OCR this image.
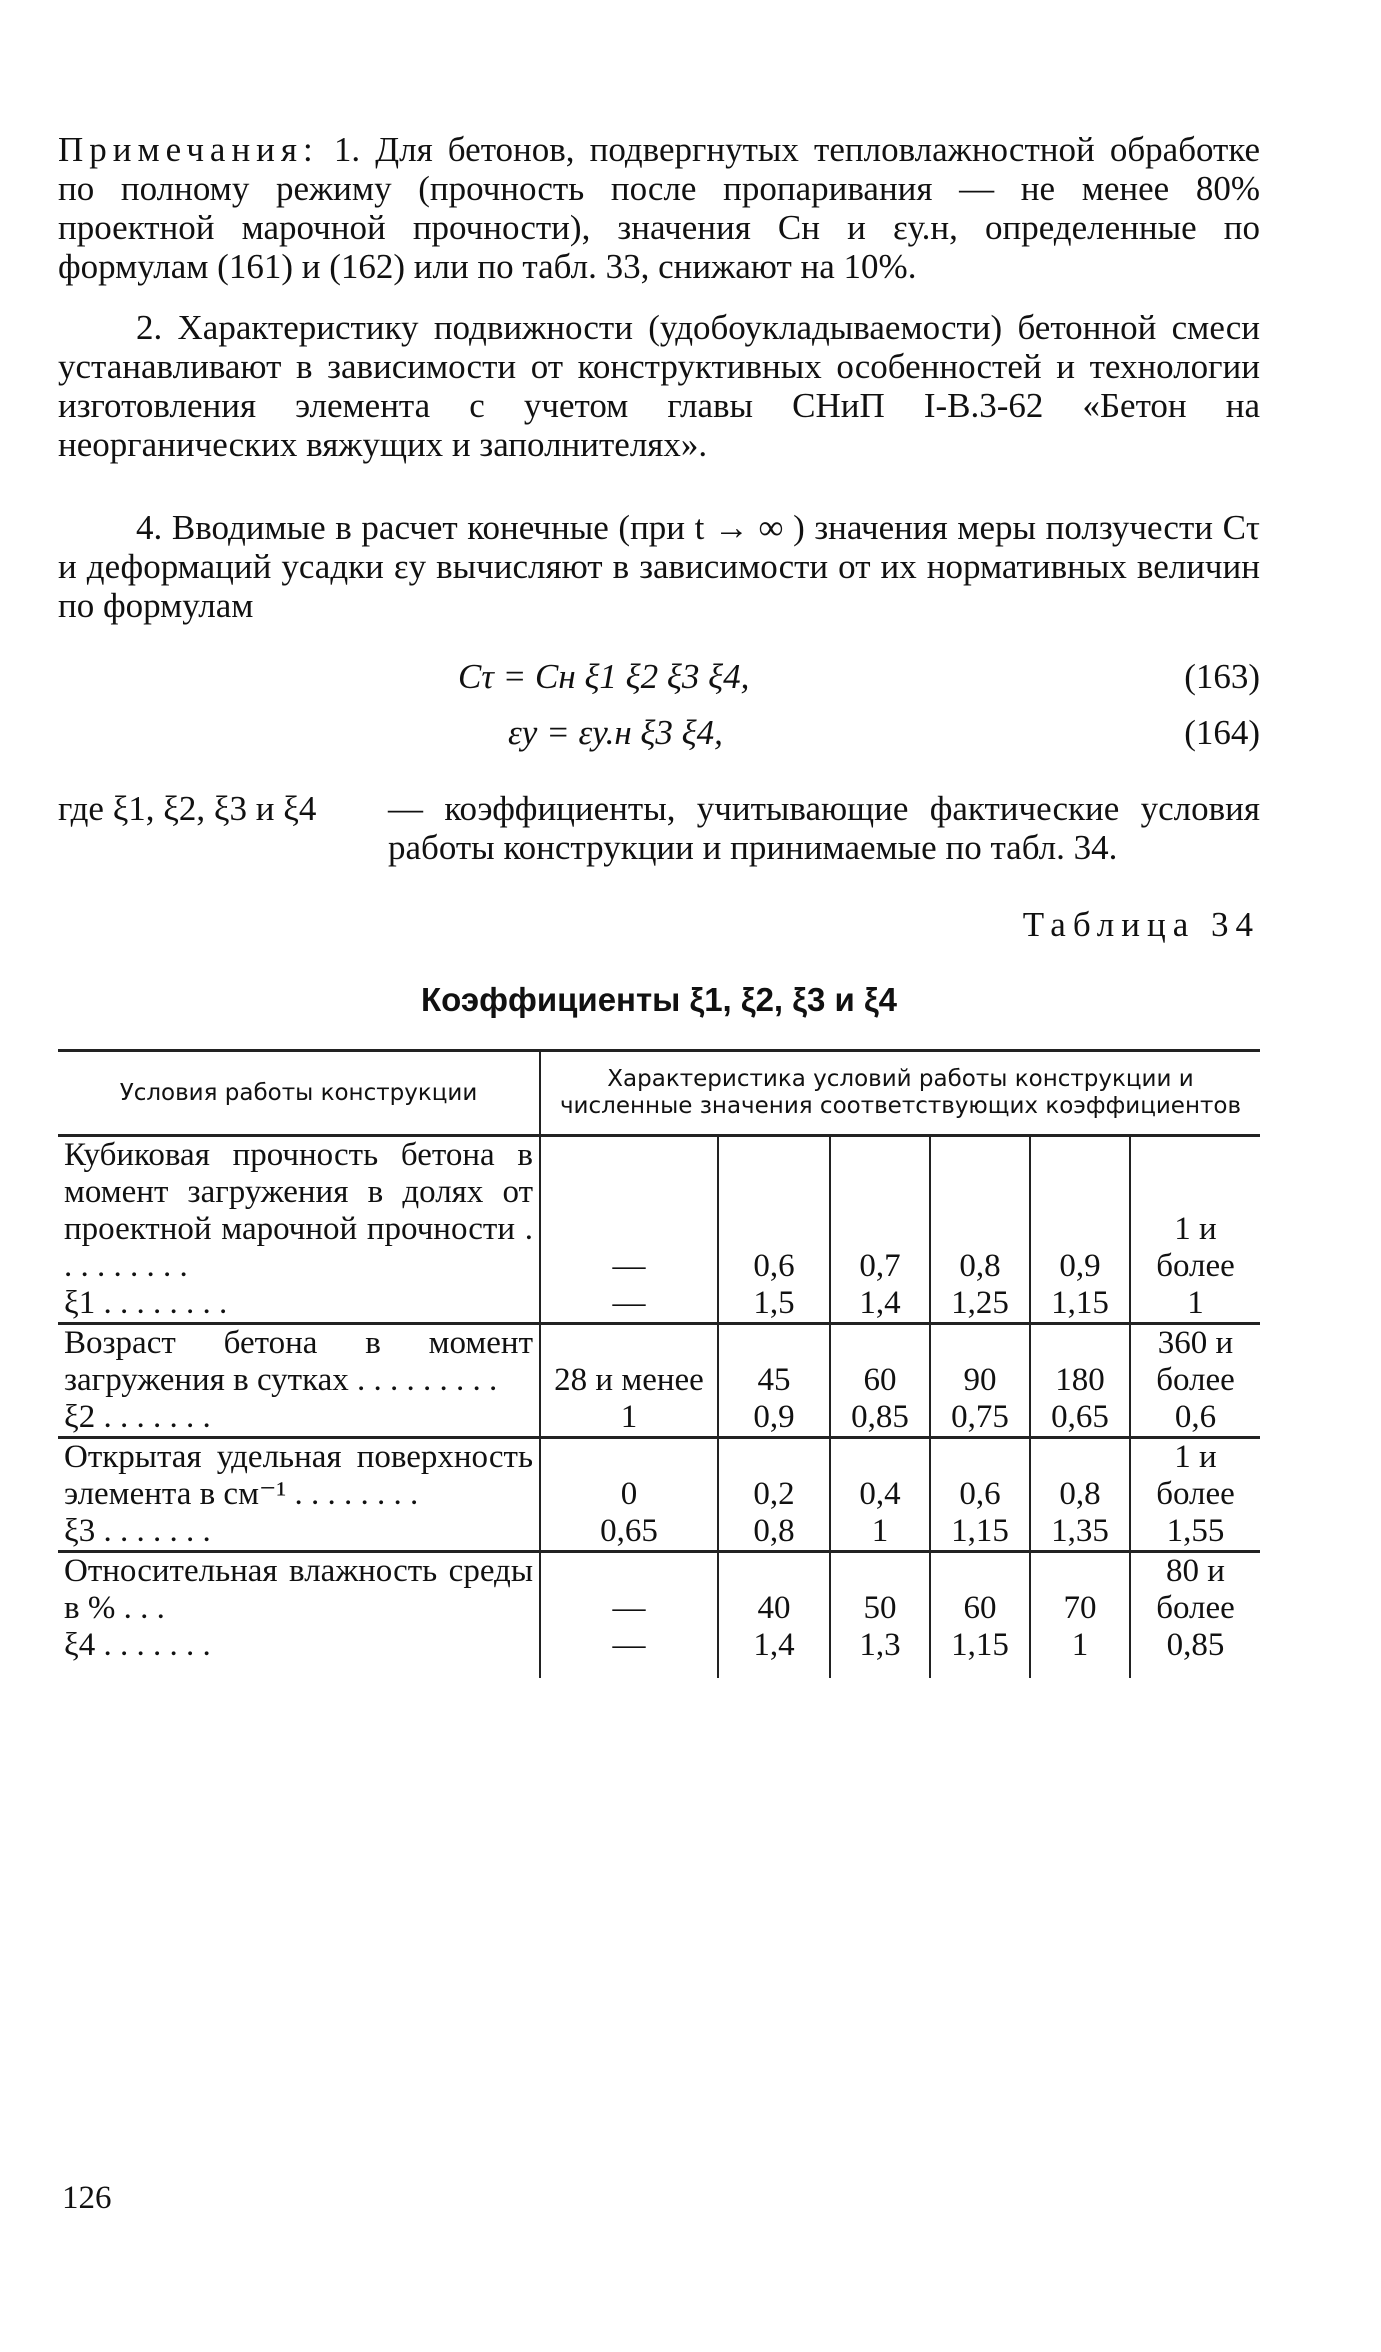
Примечания: 1. Для бетонов, подвергнутых тепловлажностной обработке по полному режиму (прочность после пропаривания — не менее 80% проектной марочной прочности), значения Cн и εу.н, определенные по формулам (161) и (162) или по табл. 33, снижают на 10%.

2. Характеристику подвижности (удобоукладываемости) бетонной смеси устанавливают в зависимости от конструктивных особенностей и технологии изготовления элемента с учетом главы СНиП I-В.3-62 «Бетон на неорганических вяжущих и заполнителях».

4. Вводимые в расчет конечные (при t → ∞ ) значения меры ползучести Cτ и деформаций усадки εу вычисляют в зависимости от их нормативных величин по формулам

Cτ = Cн ξ1 ξ2 ξ3 ξ4,	(163)
εу = εу.н ξ3 ξ4,	(164)
где ξ1, ξ2, ξ3 и ξ4	— коэффициенты, учитывающие фактические условия работы конструкции и принимаемые по табл. 34.
Таблица 34
Коэффициенты ξ1, ξ2, ξ3 и ξ4
Условия работы конструкции	Характеристика условий работы конструкции и численные значения соответствующих коэффициентов					
Кубиковая прочность бетона в момент загружения в долях от проектной марочной прочности . . . . . . . . .	—	0,6	0,7	0,8	0,9	1 и более
ξ1 . . . . . . . .	—	1,5	1,4	1,25	1,15	1
Возраст бетона в момент загружения в сутках . . . . . . . . .	28 и менее	45	60	90	180	360 и более
ξ2 . . . . . . .	1	0,9	0,85	0,75	0,65	0,6
Открытая удельная поверхность элемента в см⁻¹ . . . . . . . .	0	0,2	0,4	0,6	0,8	1 и более
ξ3 . . . . . . .	0,65	0,8	1	1,15	1,35	1,55
Относительная влажность среды в % . . .	—	40	50	60	70	80 и более
ξ4 . . . . . . .	—	1,4	1,3	1,15	1	0,85
126
